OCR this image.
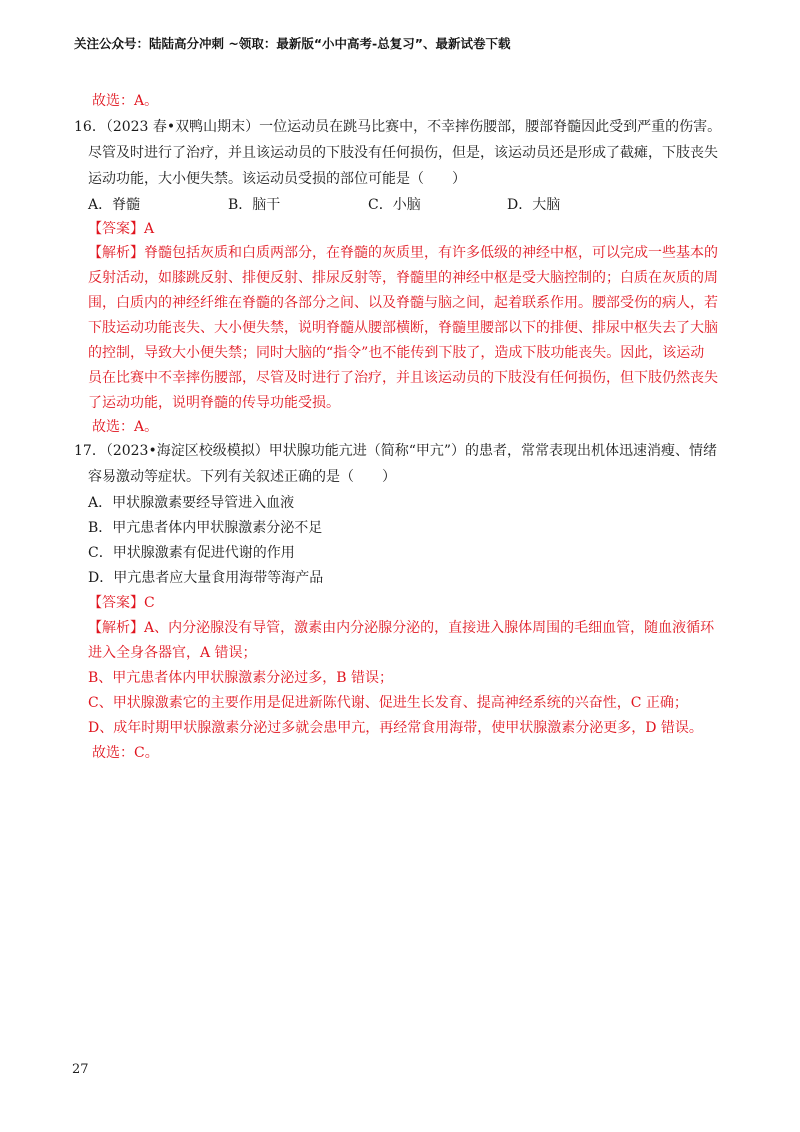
关注公众号：陆陆高分冲刺 ~领取：最新版“小中高考-总复习”、最新试卷下载
故选：A。
16．（2023 春•双鸭山期末）一位运动员在跳马比赛中，不幸摔伤腰部，腰部脊髓因此受到严重的伤害。
尽管及时进行了治疗，并且该运动员的下肢没有任何损伤，但是，该运动员还是形成了截瘫，下肢丧失
运动功能，大小便失禁。该运动员受损的部位可能是（　　）
A．脊髓	B．脑干	C．小脑	D．大脑
【答案】A
【解析】脊髓包括灰质和白质两部分，在脊髓的灰质里，有许多低级的神经中枢，可以完成一些基本的
反射活动，如膝跳反射、排便反射、排尿反射等，脊髓里的神经中枢是受大脑控制的；白质在灰质的周
围，白质内的神经纤维在脊髓的各部分之间、以及脊髓与脑之间，起着联系作用。腰部受伤的病人，若
下肢运动功能丧失、大小便失禁，说明脊髓从腰部横断，脊髓里腰部以下的排便、排尿中枢失去了大脑
的控制，导致大小便失禁；同时大脑的“指令”也不能传到下肢了，造成下肢功能丧失。因此，该运动
员在比赛中不幸摔伤腰部，尽管及时进行了治疗，并且该运动员的下肢没有任何损伤，但下肢仍然丧失
了运动功能，说明脊髓的传导功能受损。
故选：A。
17．（2023•海淀区校级模拟）甲状腺功能亢进（简称“甲亢”）的患者，常常表现出机体迅速消瘦、情绪
容易激动等症状。下列有关叙述正确的是（　　）
A．甲状腺激素要经导管进入血液
B．甲亢患者体内甲状腺激素分泌不足
C．甲状腺激素有促进代谢的作用
D．甲亢患者应大量食用海带等海产品
【答案】C
【解析】A、内分泌腺没有导管，激素由内分泌腺分泌的，直接进入腺体周围的毛细血管，随血液循环
进入全身各器官，A 错误；
B、甲亢患者体内甲状腺激素分泌过多，B 错误；
C、甲状腺激素它的主要作用是促进新陈代谢、促进生长发育、提高神经系统的兴奋性，C 正确；
D、成年时期甲状腺激素分泌过多就会患甲亢，再经常食用海带，使甲状腺激素分泌更多，D 错误。
故选：C。
27
